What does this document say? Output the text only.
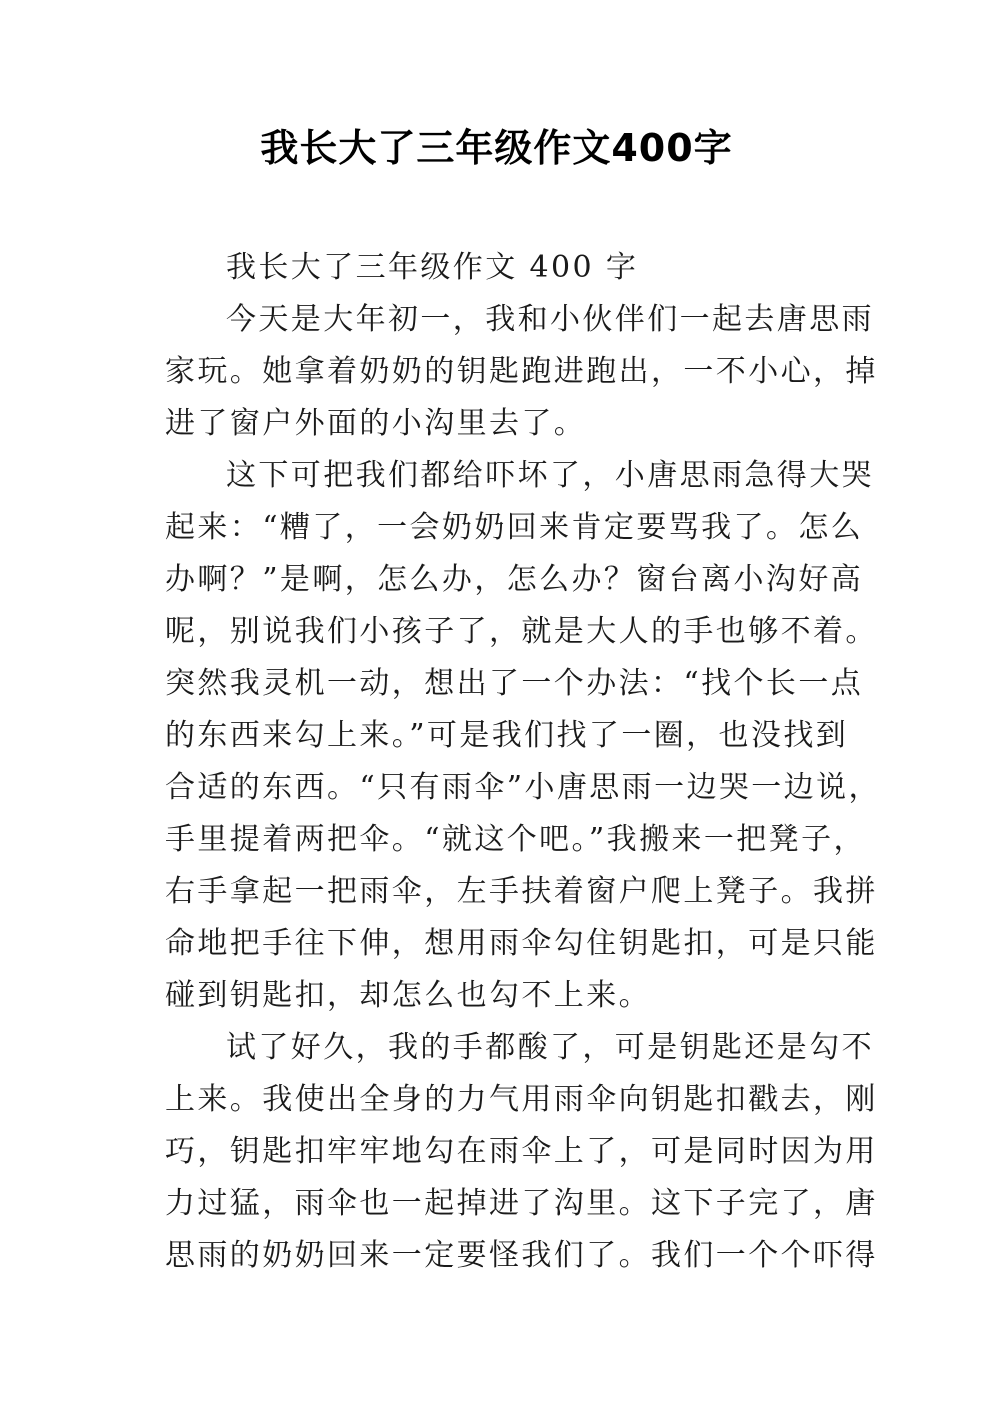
我长大了三年级作文400字
我长大了三年级作文 400 字
今天是大年初一，我和小伙伴们一起去唐思雨
家玩。她拿着奶奶的钥匙跑进跑出，一不小心，掉
进了窗户外面的小沟里去了。
这下可把我们都给吓坏了，小唐思雨急得大哭
起来：“糟了，一会奶奶回来肯定要骂我了。怎么
办啊？”是啊，怎么办，怎么办？窗台离小沟好高
呢，别说我们小孩子了，就是大人的手也够不着。
突然我灵机一动，想出了一个办法：“找个长一点
的东西来勾上来。”可是我们找了一圈，也没找到
合适的东西。“只有雨伞”小唐思雨一边哭一边说，
手里提着两把伞。“就这个吧。”我搬来一把凳子，
右手拿起一把雨伞，左手扶着窗户爬上凳子。我拼
命地把手往下伸，想用雨伞勾住钥匙扣，可是只能
碰到钥匙扣，却怎么也勾不上来。
试了好久，我的手都酸了，可是钥匙还是勾不
上来。我使出全身的力气用雨伞向钥匙扣戳去，刚
巧，钥匙扣牢牢地勾在雨伞上了，可是同时因为用
力过猛，雨伞也一起掉进了沟里。这下子完了，唐
思雨的奶奶回来一定要怪我们了。我们一个个吓得
